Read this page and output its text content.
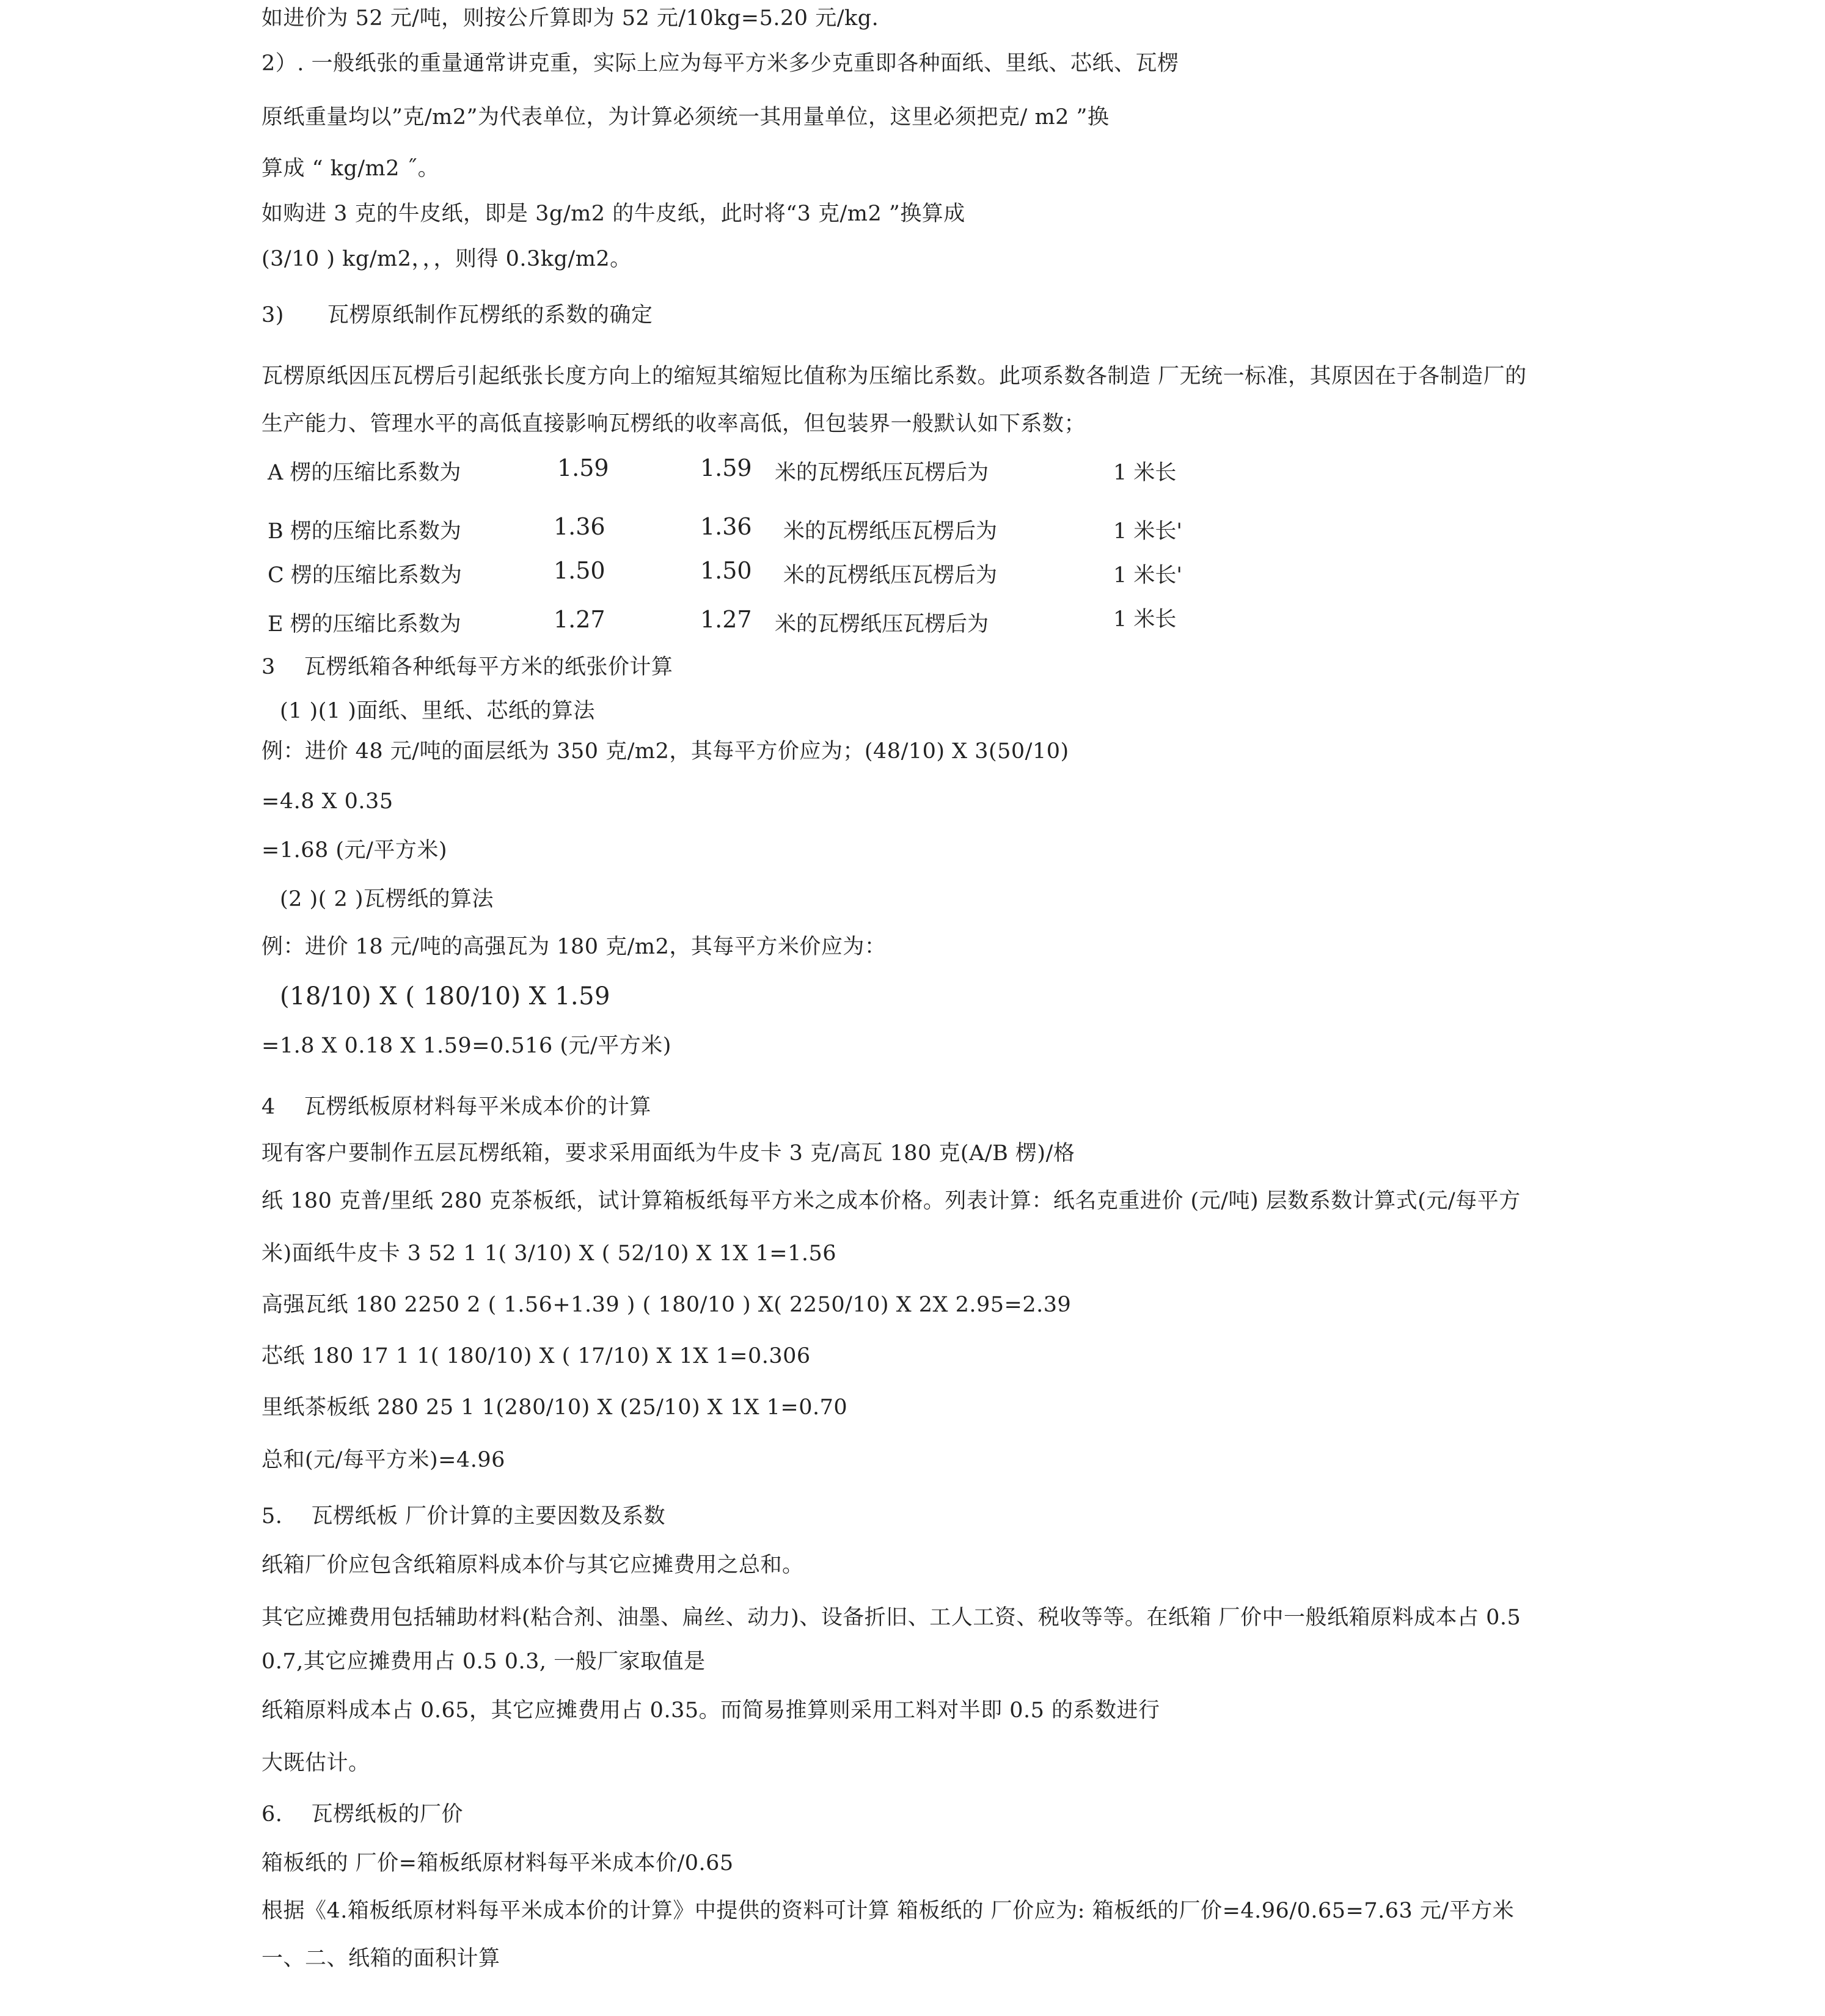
如进价为 52 元/吨，则按公斤算即为 52 元/10kg=5.20 元/kg.
2）. 一般纸张的重量通常讲克重，实际上应为每平方米多少克重即各种面纸、里纸、芯纸、瓦楞
原纸重量均以”克/m2”为代表单位，为计算必须统一其用量单位，这里必须把克/ m2 ”换
算成 “ kg/m2 ˝。
如购进 3 克的牛皮纸，即是 3g/m2 的牛皮纸，此时将“3 克/m2 ”换算成
(3/10 ) kg/m2，，，则得 0.3kg/m2。
3)　　瓦楞原纸制作瓦楞纸的系数的确定
瓦楞原纸因压瓦楞后引起纸张长度方向上的缩短其缩短比值称为压缩比系数。此项系数各制造 厂无统一标准，其原因在于各制造厂的
生产能力、管理水平的高低直接影响瓦楞纸的收率高低，但包装界一般默认如下系数；
A 楞的压缩比系数为	1.59	1.59 米的瓦楞纸压瓦楞后为	1 米长
B 楞的压缩比系数为	1.36	1.36 米的瓦楞纸压瓦楞后为	1 米长'
C 楞的压缩比系数为	1.50	1.50 米的瓦楞纸压瓦楞后为	1 米长'
E 楞的压缩比系数为	1.27	1.27 米的瓦楞纸压瓦楞后为	1 米长
3　 瓦楞纸箱各种纸每平方米的纸张价计算
(1 )(1 )面纸、里纸、芯纸的算法
例：进价 48 元/吨的面层纸为 350 克/m2，其每平方价应为；(48/10) X 3(50/10)
=4.8 X 0.35
=1.68 (元/平方米)
(2 )( 2 )瓦楞纸的算法
例：进价 18 元/吨的高强瓦为 180 克/m2，其每平方米价应为：
(18/10) X ( 180/10) X 1.59
=1.8 X 0.18 X 1.59=0.516 (元/平方米)
4　 瓦楞纸板原材料每平米成本价的计算
现有客户要制作五层瓦楞纸箱，要求采用面纸为牛皮卡 3 克/高瓦 180 克(A/B 楞)/格
纸 180 克普/里纸 280 克茶板纸，试计算箱板纸每平方米之成本价格。列表计算：纸名克重进价 (元/吨) 层数系数计算式(元/每平方
米)面纸牛皮卡 3 52 1 1( 3/10) X ( 52/10) X 1X 1=1.56
高强瓦纸 180 2250 2 ( 1.56+1.39 ) ( 180/10 ) X( 2250/10) X 2X 2.95=2.39
芯纸 180 17 1 1( 180/10) X ( 17/10) X 1X 1=0.306
里纸茶板纸 280 25 1 1(280/10) X (25/10) X 1X 1=0.70
总和(元/每平方米)=4.96
5.　 瓦楞纸板 厂价计算的主要因数及系数
纸箱厂价应包含纸箱原料成本价与其它应摊费用之总和。
其它应摊费用包括辅助材料(粘合剂、油墨、扁丝、动力)、设备折旧、工人工资、税收等等。在纸箱 厂价中一般纸箱原料成本占 0.5
0.7,其它应摊费用占 0.5 0.3, 一般厂家取值是
纸箱原料成本占 0.65，其它应摊费用占 0.35。而简易推算则采用工料对半即 0.5 的系数进行
大既估计。
6.　 瓦楞纸板的厂价
箱板纸的 厂价=箱板纸原材料每平米成本价/0.65
根据《4.箱板纸原材料每平米成本价的计算》中提供的资料可计算 箱板纸的 厂价应为: 箱板纸的厂价=4.96/0.65=7.63 元/平方米
一、二、纸箱的面积计算
